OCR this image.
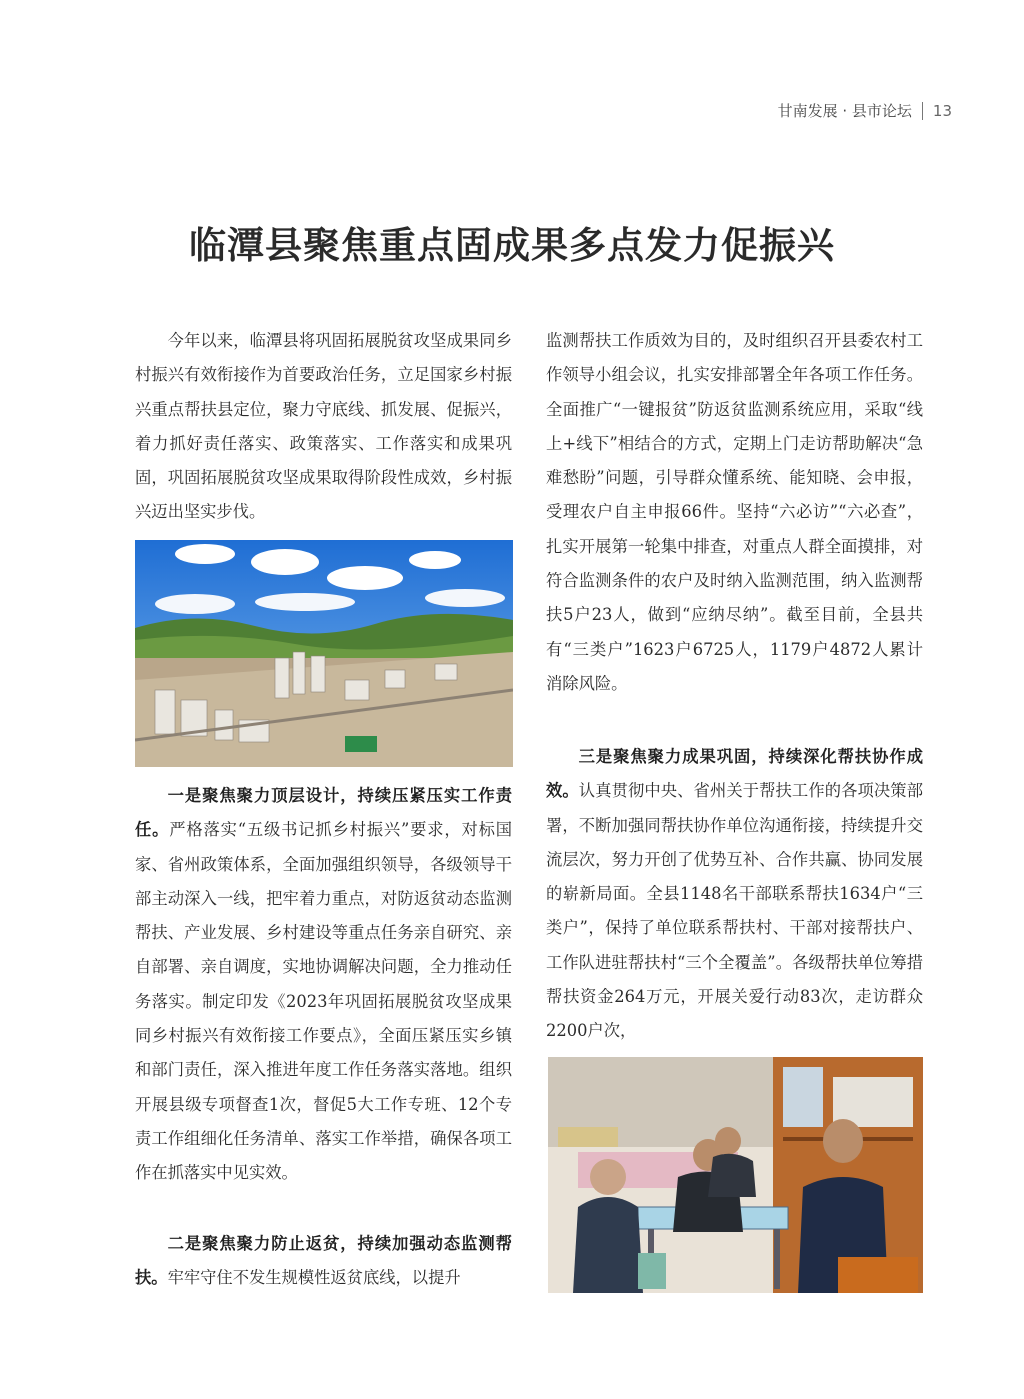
甘南发展 · 县市论坛 13
临潭县聚焦重点固成果多点发力促振兴

今年以来，临潭县将巩固拓展脱贫攻坚成果同乡村振兴有效衔接作为首要政治任务，立足国家乡村振兴重点帮扶县定位，聚力守底线、抓发展、促振兴，着力抓好责任落实、政策落实、工作落实和成果巩固，巩固拓展脱贫攻坚成果取得阶段性成效，乡村振兴迈出坚实步伐。

一是聚焦聚力顶层设计，持续压紧压实工作责任。严格落实“五级书记抓乡村振兴”要求，对标国家、省州政策体系，全面加强组织领导，各级领导干部主动深入一线，把牢着力重点，对防返贫动态监测帮扶、产业发展、乡村建设等重点任务亲自研究、亲自部署、亲自调度，实地协调解决问题，全力推动任务落实。制定印发《2023年巩固拓展脱贫攻坚成果同乡村振兴有效衔接工作要点》，全面压紧压实乡镇和部门责任，深入推进年度工作任务落实落地。组织开展县级专项督查1次，督促5大工作专班、12个专责工作组细化任务清单、落实工作举措，确保各项工作在抓落实中见实效。

二是聚焦聚力防止返贫，持续加强动态监测帮扶。牢牢守住不发生规模性返贫底线，以提升

监测帮扶工作质效为目的，及时组织召开县委农村工作领导小组会议，扎实安排部署全年各项工作任务。全面推广“一键报贫”防返贫监测系统应用，采取“线上+线下”相结合的方式，定期上门走访帮助解决“急难愁盼”问题，引导群众懂系统、能知晓、会申报，受理农户自主申报66件。坚持“六必访”“六必查”，扎实开展第一轮集中排查，对重点人群全面摸排，对符合监测条件的农户及时纳入监测范围，纳入监测帮扶5户23人，做到“应纳尽纳”。截至目前，全县共有“三类户”1623户6725人，1179户4872人累计消除风险。

三是聚焦聚力成果巩固，持续深化帮扶协作成效。认真贯彻中央、省州关于帮扶工作的各项决策部署，不断加强同帮扶协作单位沟通衔接，持续提升交流层次，努力开创了优势互补、合作共赢、协同发展的崭新局面。全县1148名干部联系帮扶1634户“三类户”，保持了单位联系帮扶村、干部对接帮扶户、工作队进驻帮扶村“三个全覆盖”。各级帮扶单位筹措帮扶资金264万元，开展关爱行动83次，走访群众2200户次，
